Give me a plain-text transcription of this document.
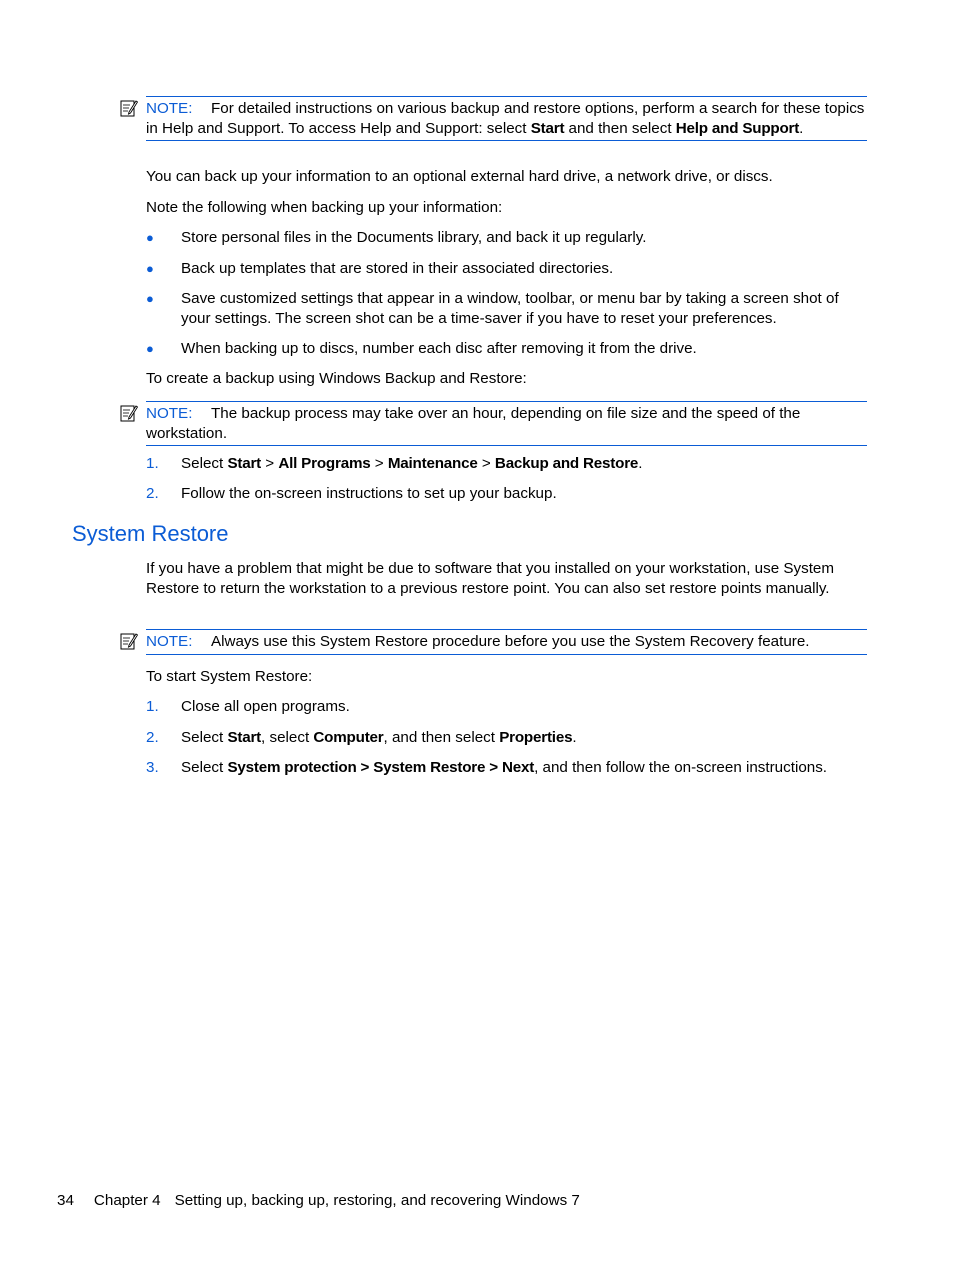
NOTE: For detailed instructions on various backup and restore options, perform a search for these topics in Help and Support. To access Help and Support: select Start and then select Help and Support.
You can back up your information to an optional external hard drive, a network drive, or discs.
Note the following when backing up your information:
● Store personal files in the Documents library, and back it up regularly.
● Back up templates that are stored in their associated directories.
● Save customized settings that appear in a window, toolbar, or menu bar by taking a screen shot of your settings. The screen shot can be a time-saver if you have to reset your preferences.
● When backing up to discs, number each disc after removing it from the drive.
To create a backup using Windows Backup and Restore:
NOTE: The backup process may take over an hour, depending on file size and the speed of the workstation.
1. Select Start > All Programs > Maintenance > Backup and Restore.
2. Follow the on-screen instructions to set up your backup.
System Restore
If you have a problem that might be due to software that you installed on your workstation, use System Restore to return the workstation to a previous restore point. You can also set restore points manually.
NOTE: Always use this System Restore procedure before you use the System Recovery feature.
To start System Restore:
1. Close all open programs.
2. Select Start, select Computer, and then select Properties.
3. Select System protection > System Restore > Next, and then follow the on-screen instructions.
34 Chapter 4 Setting up, backing up, restoring, and recovering Windows 7
